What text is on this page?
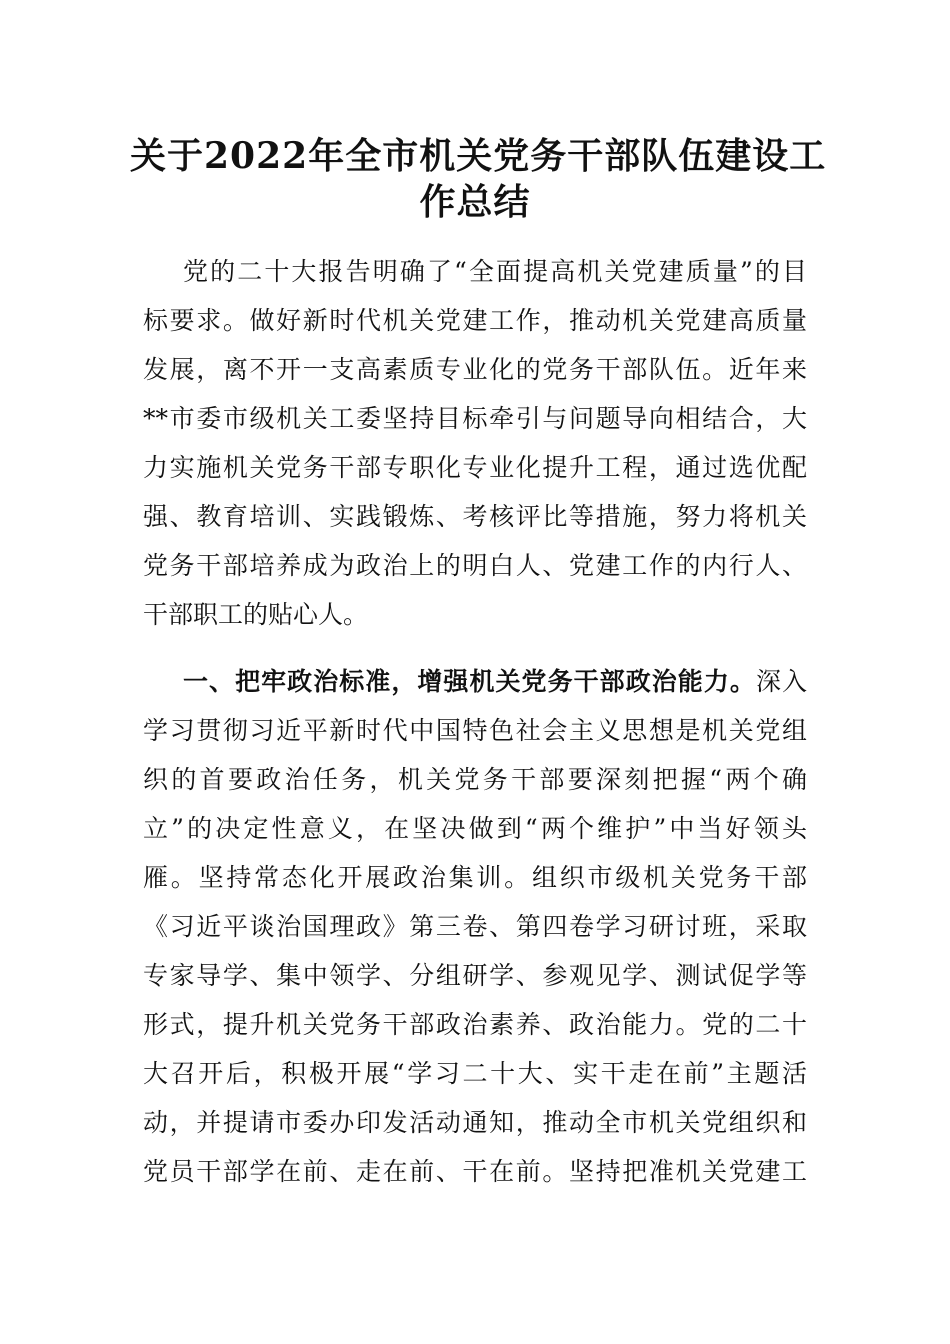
关于2022年全市机关党务干部队伍建设工
作总结

党的二十大报告明确了“全面提高机关党建质量”的目

标要求。做好新时代机关党建工作，推动机关党建高质量

发展，离不开一支高素质专业化的党务干部队伍。近年来

**市委市级机关工委坚持目标牵引与问题导向相结合，大

力实施机关党务干部专职化专业化提升工程，通过选优配

强、教育培训、实践锻炼、考核评比等措施，努力将机关

党务干部培养成为政治上的明白人、党建工作的内行人、

干部职工的贴心人。

一、把牢政治标准，增强机关党务干部政治能力。深入

学习贯彻习近平新时代中国特色社会主义思想是机关党组

织的首要政治任务，机关党务干部要深刻把握“两个确

立”的决定性意义，在坚决做到“两个维护”中当好领头

雁。坚持常态化开展政治集训。组织市级机关党务干部

《习近平谈治国理政》第三卷、第四卷学习研讨班，采取

专家导学、集中领学、分组研学、参观见学、测试促学等

形式，提升机关党务干部政治素养、政治能力。党的二十

大召开后，积极开展“学习二十大、实干走在前”主题活

动，并提请市委办印发活动通知，推动全市机关党组织和

党员干部学在前、走在前、干在前。坚持把准机关党建工
